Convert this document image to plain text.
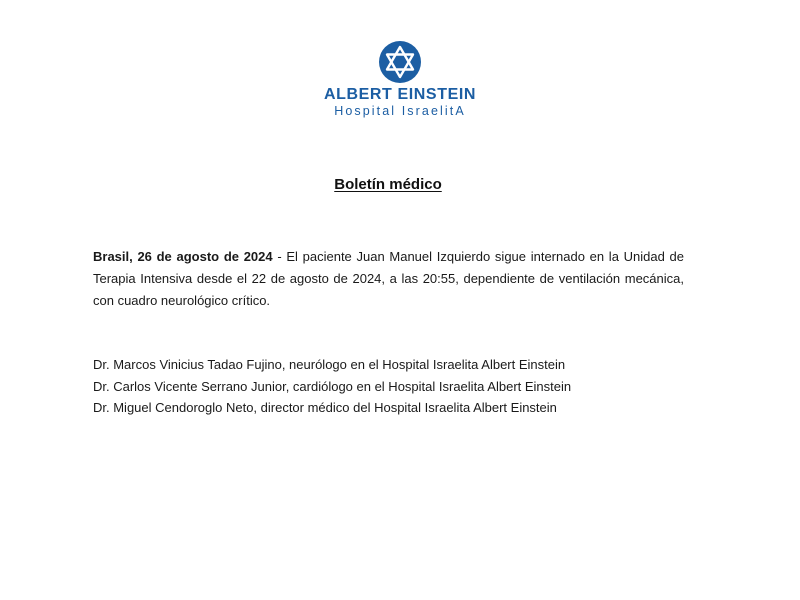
ALBERT EINSTEIN
Hospital IsraelitA
Boletín médico

Brasil, 26 de agosto de 2024 - El paciente Juan Manuel Izquierdo sigue internado en la Unidad de Terapia Intensiva desde el 22 de agosto de 2024, a las 20:55, dependiente de ventilación mecánica, con cuadro neurológico crítico.

Dr. Marcos Vinicius Tadao Fujino, neurólogo en el Hospital Israelita Albert Einstein
Dr. Carlos Vicente Serrano Junior, cardiólogo en el Hospital Israelita Albert Einstein
Dr. Miguel Cendoroglo Neto, director médico del Hospital Israelita Albert Einstein
